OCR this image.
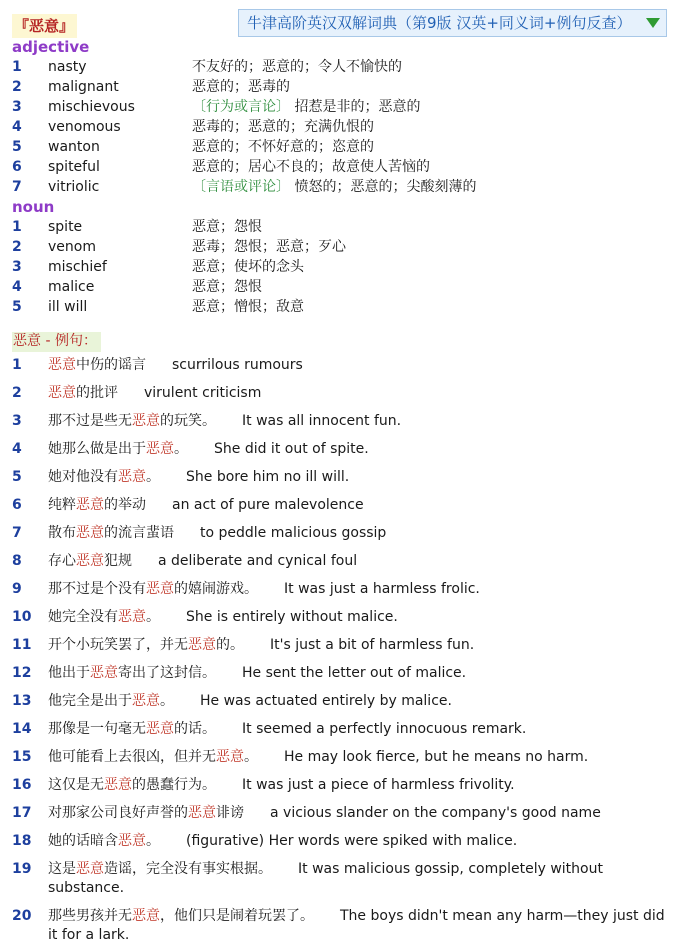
『恶意』	牛津高阶英汉双解词典（第9版 汉英+同义词+例句反查）
adjective
1 nasty	不友好的；恶意的；令人不愉快的
2 malignant	恶意的；恶毒的
3 mischievous	〔行为或言论〕 招惹是非的；恶意的
4 venomous	恶毒的；恶意的；充满仇恨的
5 wanton	恶意的；不怀好意的；恣意的
6 spiteful	恶意的；居心不良的；故意使人苦恼的
7 vitriolic	〔言语或评论〕 愤怒的；恶意的；尖酸刻薄的
noun
1 spite	恶意；怨恨
2 venom	恶毒；怨恨；恶意；歹心
3 mischief	恶意；使坏的念头
4 malice	恶意；怨恨
5 ill will	恶意；憎恨；敌意
恶意 - 例句：
1 恶意中伤的谣言 scurrilous rumours
2 恶意的批评 virulent criticism
3 那不过是些无恶意的玩笑。 It was all innocent fun.
4 她那么做是出于恶意。 She did it out of spite.
5 她对他没有恶意。 She bore him no ill will.
6 纯粹恶意的举动 an act of pure malevolence
7 散布恶意的流言蜚语 to peddle malicious gossip
8 存心恶意犯规 a deliberate and cynical foul
9 那不过是个没有恶意的嬉闹游戏。 It was just a harmless frolic.
10 她完全没有恶意。 She is entirely without malice.
11 开个小玩笑罢了，并无恶意的。 It's just a bit of harmless fun.
12 他出于恶意寄出了这封信。 He sent the letter out of malice.
13 他完全是出于恶意。 He was actuated entirely by malice.
14 那像是一句毫无恶意的话。 It seemed a perfectly innocuous remark.
15 他可能看上去很凶，但并无恶意。 He may look fierce, but he means no harm.
16 这仅是无恶意的愚蠢行为。 It was just a piece of harmless frivolity.
17 对那家公司良好声誉的恶意诽谤 a vicious slander on the company's good name
18 她的话暗含恶意。 (figurative) Her words were spiked with malice.
19 这是恶意造谣，完全没有事实根据。 It was malicious gossip, completely without substance.
20 那些男孩并无恶意，他们只是闹着玩罢了。 The boys didn't mean any harm—they just did it for a lark.
